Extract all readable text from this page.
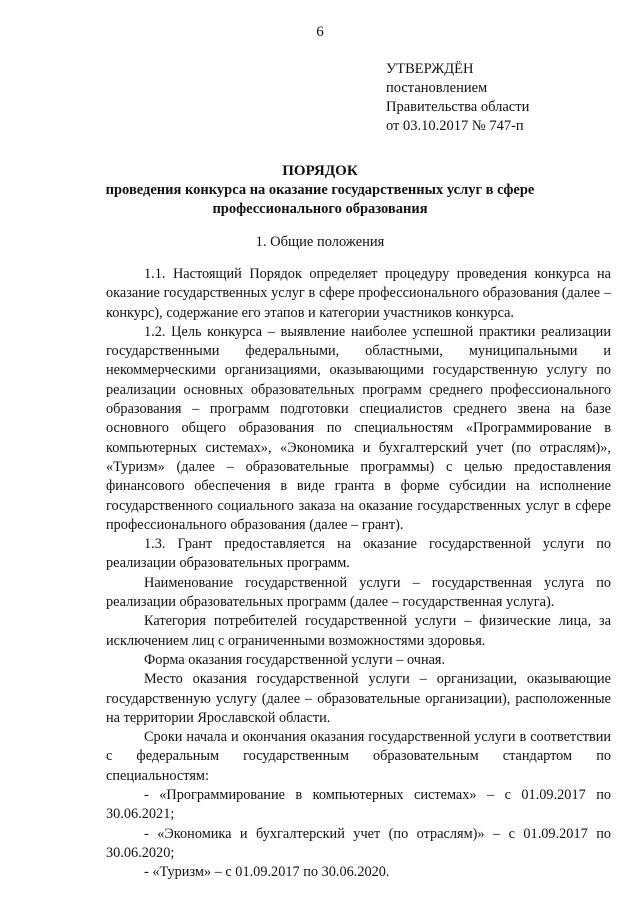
6
УТВЕРЖДЁН
постановлением
Правительства области
от 03.10.2017 № 747-п
ПОРЯДОК
проведения конкурса на оказание государственных услуг в сфере
профессионального образования
1. Общие положения

1.1. Настоящий Порядок определяет процедуру проведения конкурса на оказание государственных услуг в сфере профессионального образования (далее – конкурс), содержание его этапов и категории участников конкурса.

1.2. Цель конкурса – выявление наиболее успешной практики реализации государственными федеральными, областными, муниципальными и некоммерческими организациями, оказывающими государственную услугу по реализации основных образовательных программ среднего профессионального образования – программ подготовки специалистов среднего звена на базе основного общего образования по специальностям «Программирование в компьютерных системах», «Экономика и бухгалтерский учет (по отраслям)», «Туризм» (далее – образовательные программы) с целью предоставления финансового обеспечения в виде гранта в форме субсидии на исполнение государственного социального заказа на оказание государственных услуг в сфере профессионального образования (далее – грант).

1.3. Грант предоставляется на оказание государственной услуги по реализации образовательных программ.

Наименование государственной услуги – государственная услуга по реализации образовательных программ (далее – государственная услуга).

Категория потребителей государственной услуги – физические лица, за исключением лиц с ограниченными возможностями здоровья.

Форма оказания государственной услуги – очная.

Место оказания государственной услуги – организации, оказывающие государственную услугу (далее – образовательные организации), расположенные на территории Ярославской области.

Сроки начала и окончания оказания государственной услуги в соответствии с федеральным государственным образовательным стандартом по специальностям:

- «Программирование в компьютерных системах» – с 01.09.2017 по 30.06.2021;

- «Экономика и бухгалтерский учет (по отраслям)» – с 01.09.2017 по 30.06.2020;

- «Туризм» – с 01.09.2017 по 30.06.2020.
